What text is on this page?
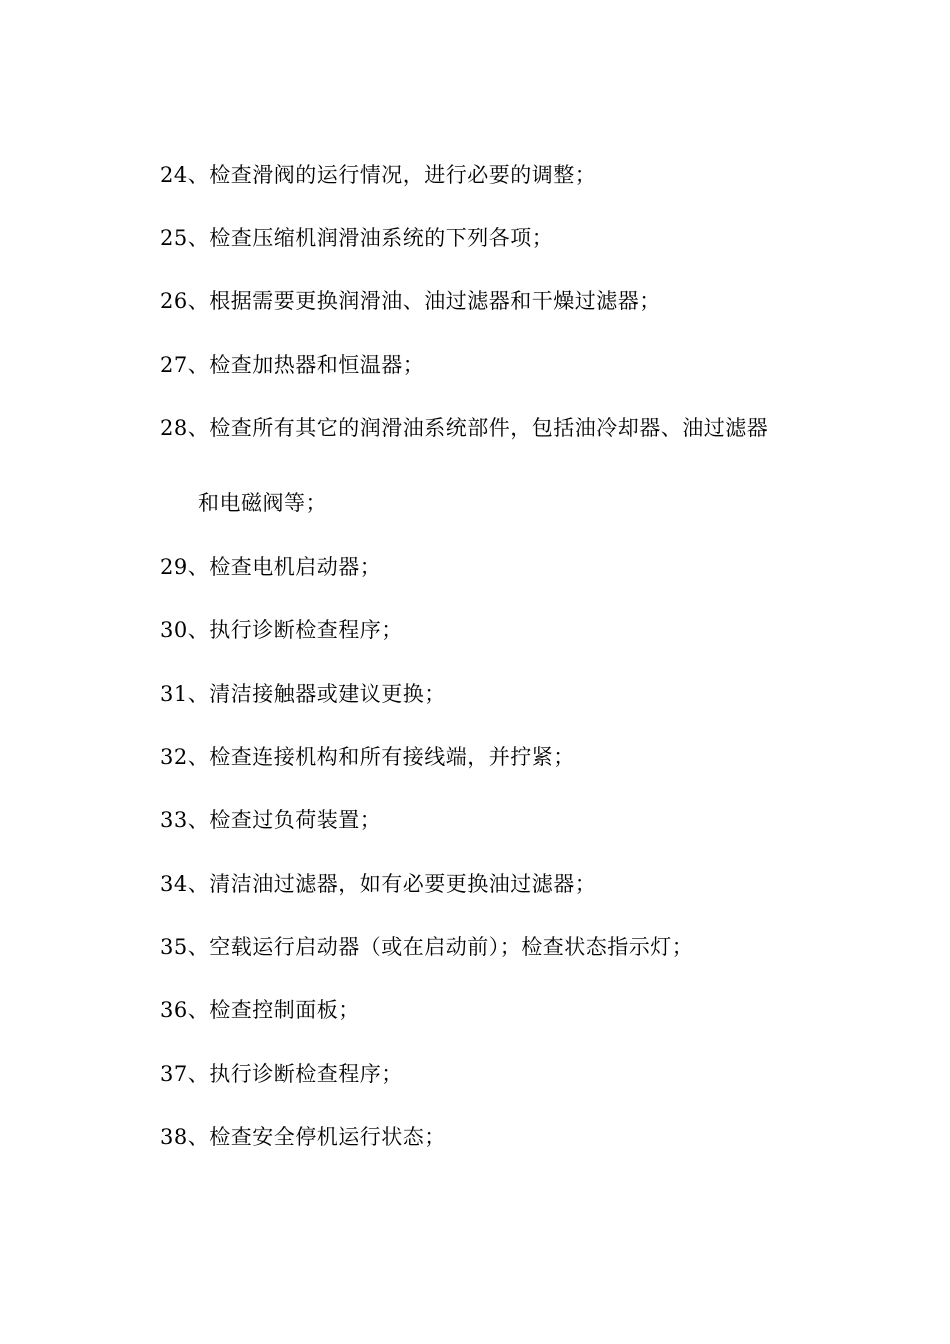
24、检查滑阀的运行情况，进行必要的调整；
25、检查压缩机润滑油系统的下列各项；
26、根据需要更换润滑油、油过滤器和干燥过滤器；
27、检查加热器和恒温器；
28、检查所有其它的润滑油系统部件，包括油冷却器、油过滤器
和电磁阀等；
29、检查电机启动器；
30、执行诊断检查程序；
31、清洁接触器或建议更换；
32、检查连接机构和所有接线端，并拧紧；
33、检查过负荷装置；
34、清洁油过滤器，如有必要更换油过滤器；
35、空载运行启动器（或在启动前）；检查状态指示灯；
36、检查控制面板；
37、执行诊断检查程序；
38、检查安全停机运行状态；
